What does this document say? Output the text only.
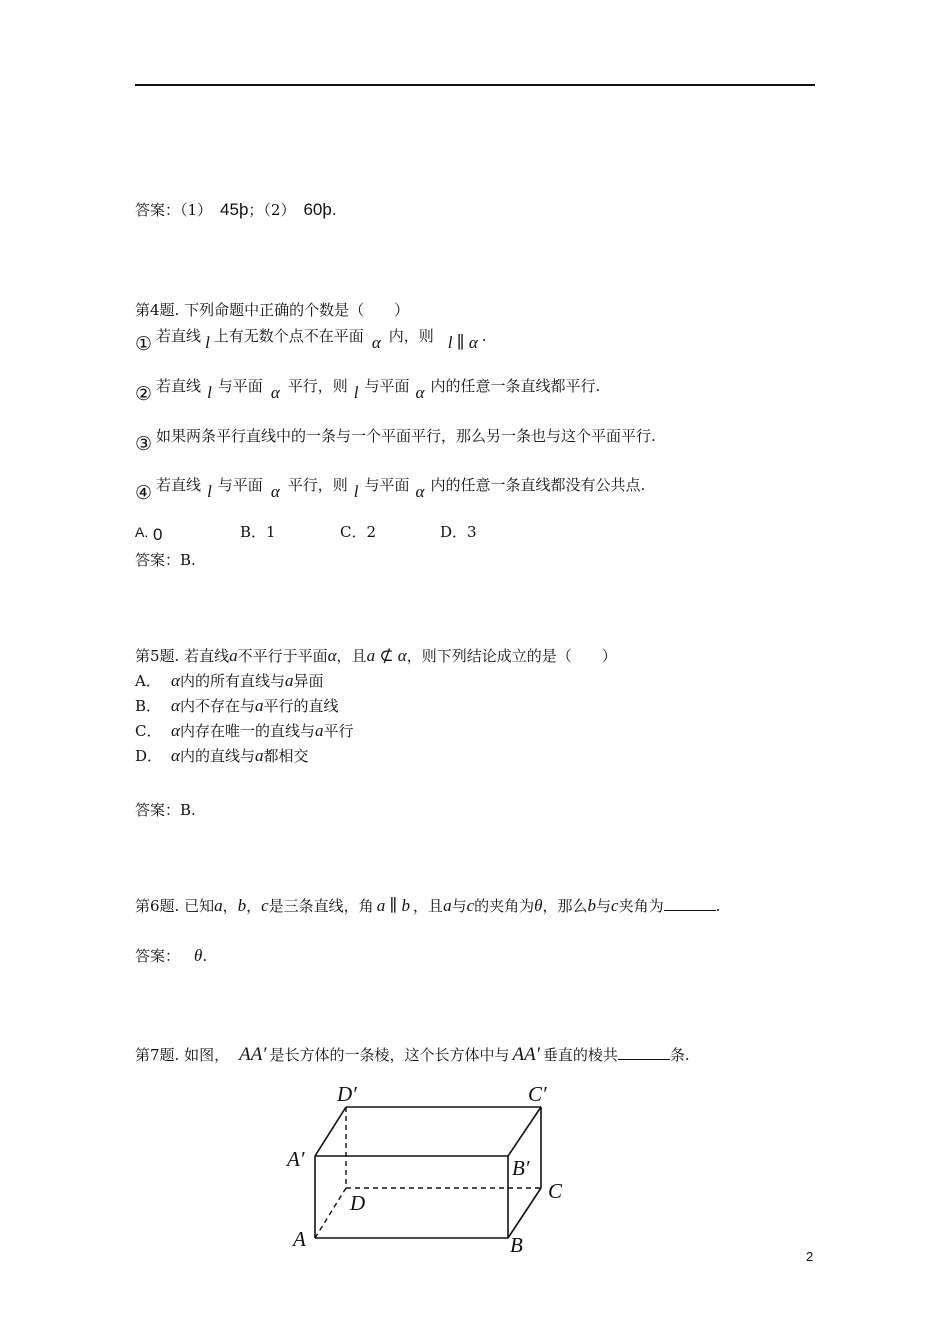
答案：（1） 45þ；（2） 60þ.
第4题. 下列命题中正确的个数是（　　）
① 若直线 l 上有无数个点不在平面 α 内，则 l ∥ α .
② 若直线 l 与平面 α 平行，则 l 与平面 α 内的任意一条直线都平行.
③ 如果两条平行直线中的一条与一个平面平行，那么另一条也与这个平面平行.
④ 若直线 l 与平面 α 平行，则 l 与平面 α 内的任意一条直线都没有公共点.
A. 0	B．1	C．2	D．3
答案：B.
第5题. 若直线a不平行于平面α，且a ⊄ α，则下列结论成立的是（　　）
A． α内的所有直线与a异面
B． α内不存在与a平行的直线
C． α内存在唯一的直线与a平行
D． α内的直线与a都相交
答案：B.
第6题. 已知a，b，c是三条直线，角 a ∥ b ，且a与c的夹角为θ，那么b与c夹角为	.
答案： θ.
第7题. 如图， AA′ 是长方体的一条棱，这个长方体中与 AA′ 垂直的棱共	条.
D′	C′
A′	B′
D	C
A	B	2
